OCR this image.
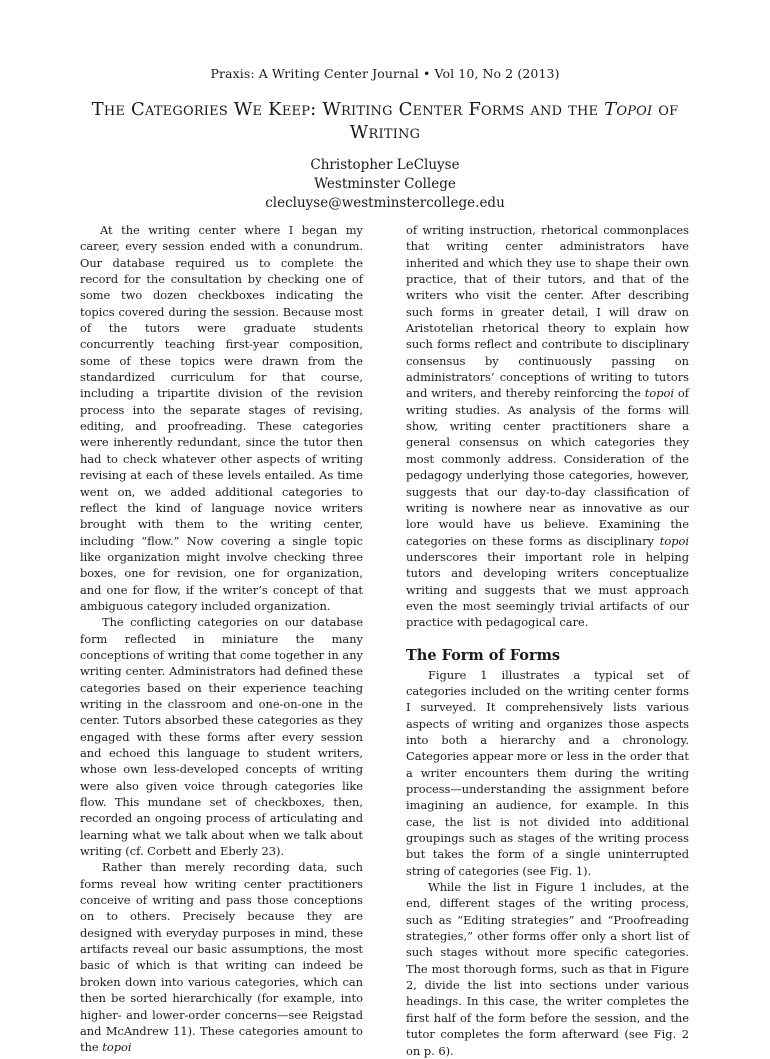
Praxis: A Writing Center Journal • Vol 10, No 2 (2013)
The Categories We Keep: Writing Center Forms and the Topoi of Writing
Christopher LeCluyse
Westminster College
clecluyse@westminstercollege.edu

At the writing center where I began my career, every session ended with a conundrum. Our database required us to complete the record for the consultation by checking one of some two dozen checkboxes indicating the topics covered during the session. Because most of the tutors were graduate students concurrently teaching first-year composition, some of these topics were drawn from the standardized curriculum for that course, including a tripartite division of the revision process into the separate stages of revising, editing, and proofreading. These categories were inherently redundant, since the tutor then had to check whatever other aspects of writing revising at each of these levels entailed. As time went on, we added additional categories to reflect the kind of language novice writers brought with them to the writing center, including “flow.” Now covering a single topic like organization might involve checking three boxes, one for revision, one for organization, and one for flow, if the writer’s concept of that ambiguous category included organization.

The conflicting categories on our database form reflected in miniature the many conceptions of writing that come together in any writing center. Administrators had defined these categories based on their experience teaching writing in the classroom and one-on-one in the center. Tutors absorbed these categories as they engaged with these forms after every session and echoed this language to student writers, whose own less-developed concepts of writing were also given voice through categories like flow. This mundane set of checkboxes, then, recorded an ongoing process of articulating and learning what we talk about when we talk about writing (cf. Corbett and Eberly 23).

Rather than merely recording data, such forms reveal how writing center practitioners conceive of writing and pass those conceptions on to others. Precisely because they are designed with everyday purposes in mind, these artifacts reveal our basic assumptions, the most basic of which is that writing can indeed be broken down into various categories, which can then be sorted hierarchically (for example, into higher- and lower-order concerns—see Reigstad and McAndrew 11). These categories amount to the topoi

of writing instruction, rhetorical commonplaces that writing center administrators have inherited and which they use to shape their own practice, that of their tutors, and that of the writers who visit the center. After describing such forms in greater detail, I will draw on Aristotelian rhetorical theory to explain how such forms reflect and contribute to disciplinary consensus by continuously passing on administrators’ conceptions of writing to tutors and writers, and thereby reinforcing the topoi of writing studies. As analysis of the forms will show, writing center practitioners share a general consensus on which categories they most commonly address. Consideration of the pedagogy underlying those categories, however, suggests that our day-to-day classification of writing is nowhere near as innovative as our lore would have us believe. Examining the categories on these forms as disciplinary topoi underscores their important role in helping tutors and developing writers conceptualize writing and suggests that we must approach even the most seemingly trivial artifacts of our practice with pedagogical care.

The Form of Forms

Figure 1 illustrates a typical set of categories included on the writing center forms I surveyed. It comprehensively lists various aspects of writing and organizes those aspects into both a hierarchy and a chronology. Categories appear more or less in the order that a writer encounters them during the writing process—understanding the assignment before imagining an audience, for example. In this case, the list is not divided into additional groupings such as stages of the writing process but takes the form of a single uninterrupted string of categories (see Fig. 1).

While the list in Figure 1 includes, at the end, different stages of the writing process, such as “Editing strategies” and “Proofreading strategies,” other forms offer only a short list of such stages without more specific categories. The most thorough forms, such as that in Figure 2, divide the list into sections under various headings. In this case, the writer completes the first half of the form before the session, and the tutor completes the form afterward (see Fig. 2 on p. 6).
